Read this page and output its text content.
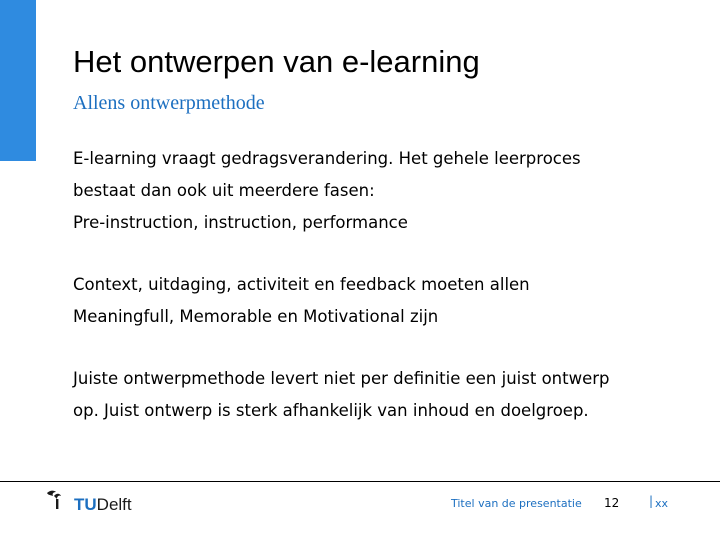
Het ontwerpen van e-learning
Allens ontwerpmethode
E-learning vraagt gedragsverandering. Het gehele leerproces
bestaat dan ook uit meerdere fasen:
Pre-instruction, instruction, performance
Context, uitdaging, activiteit en feedback moeten allen
Meaningfull, Memorable en Motivational zijn
Juiste ontwerpmethode levert niet per definitie een juist ontwerp
op. Juist ontwerp is sterk afhankelijk van inhoud en doelgroep.
TUDelft	Titel van de presentatie 12 | xx
